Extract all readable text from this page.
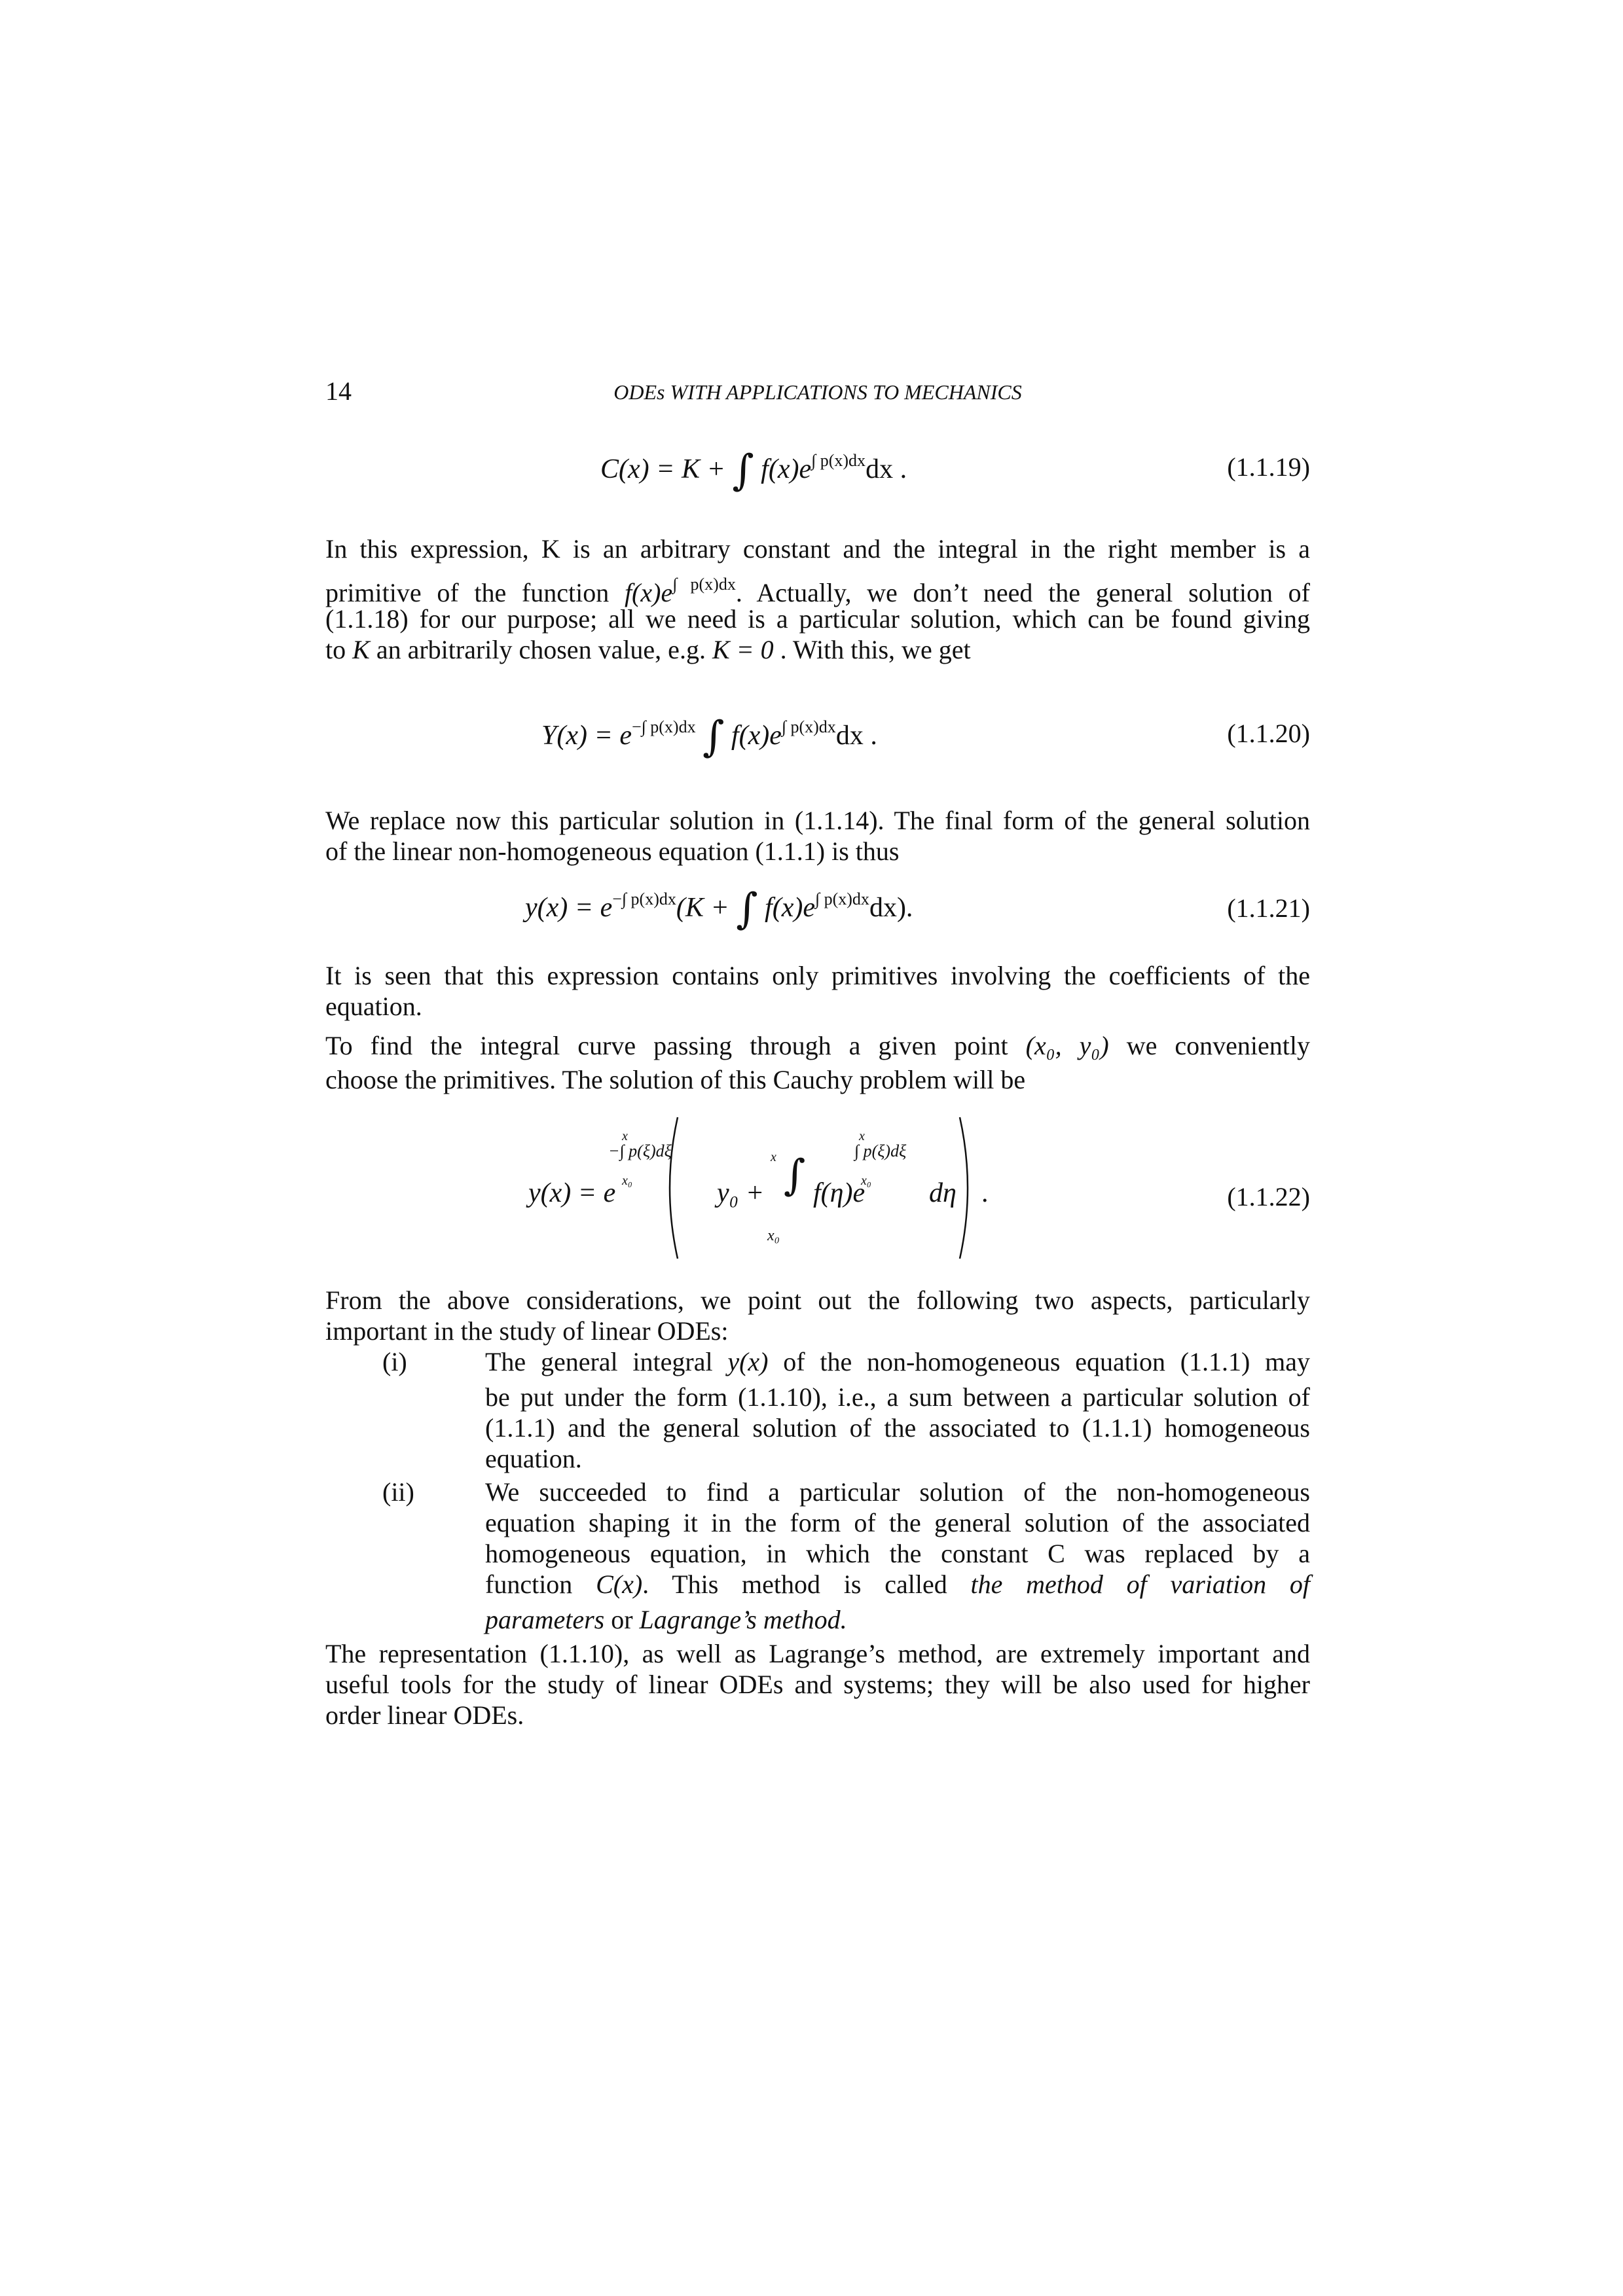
14	ODEs WITH APPLICATIONS TO MECHANICS
C(x) = K + ∫ $f(x)e^{\int p(x)dx}dx$ .	(1.1.19)
In this expression, K is an arbitrary constant and the integral in the right member is a
primitive of the function $f(x)e^{\int p(x)dx}$. Actually, we don’t need the general solution of
(1.1.18) for our purpose; all we need is a particular solution, which can be found giving
to K an arbitrarily chosen value, e.g. K = 0 . With this, we get
$Y(x) = e^{-\int p(x)dx}$ ∫ $f(x)e^{\int p(x)dx}dx$ .	(1.1.20)
We replace now this particular solution in (1.1.14). The final form of the general solution
of the linear non-homogeneous equation (1.1.1) is thus
$y(x) = e^{-\int p(x)dx}(K$ + ∫ $f(x)e^{\int p(x)dx}dx$).	(1.1.21)
It is seen that this expression contains only primitives involving the coefficients of the
equation.
To find the integral curve passing through a given point (x₀, y₀) we conveniently
choose the primitives. The solution of this Cauchy problem will be
y(x) = e
x
−∫ p(ξ)dξ
x₀	y₀ +
x ∫
x₀
f(η)e
x
∫ p(ξ)dξ
x₀ dη .	(1.1.22)
From the above considerations, we point out the following two aspects, particularly
important in the study of linear ODEs:
(i)	The general integral y(x) of the non-homogeneous equation (1.1.1) may
be put under the form (1.1.10), i.e., a sum between a particular solution of
(1.1.1) and the general solution of the associated to (1.1.1) homogeneous
equation.
(ii)	We succeeded to find a particular solution of the non-homogeneous
equation shaping it in the form of the general solution of the associated
homogeneous equation, in which the constant C was replaced by a
function C(x). This method is called the method of variation of
parameters or Lagrange’s method.
The representation (1.1.10), as well as Lagrange’s method, are extremely important and
useful tools for the study of linear ODEs and systems; they will be also used for higher
order linear ODEs.
